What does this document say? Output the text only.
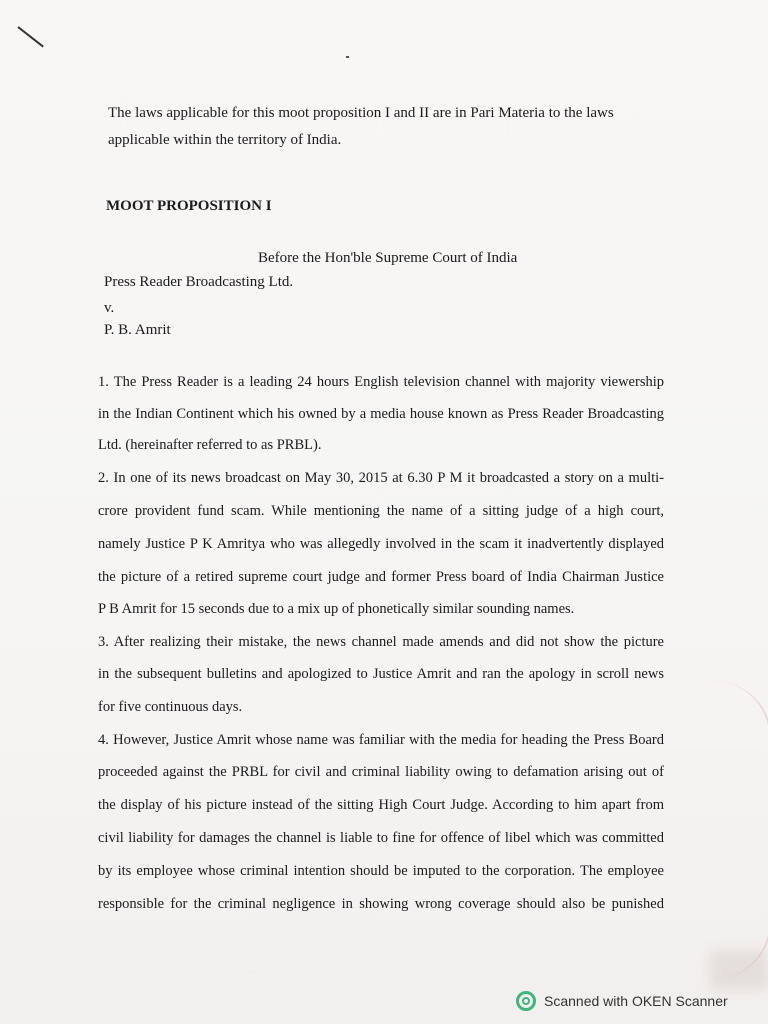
The laws applicable for this moot proposition I and II are in Pari Materia to the laws applicable within the territory of India.
MOOT PROPOSITION I
Before the Hon'ble Supreme Court of India
Press Reader Broadcasting Ltd.
v.
P. B. Amrit
1. The Press Reader is a leading 24 hours English television channel with majority viewership
in the Indian Continent which his owned by a media house known as Press Reader Broadcasting
Ltd. (hereinafter referred to as PRBL).
2. In one of its news broadcast on May 30, 2015 at 6.30 P M it broadcasted a story on a multi-
crore provident fund scam. While mentioning the name of a sitting judge of a high court,
namely Justice P K Amritya who was allegedly involved in the scam it inadvertently displayed
the picture of a retired supreme court judge and former Press board of India Chairman Justice
P B Amrit for 15 seconds due to a mix up of phonetically similar sounding names.
3. After realizing their mistake, the news channel made amends and did not show the picture
in the subsequent bulletins and apologized to Justice Amrit and ran the apology in scroll news
for five continuous days.
4. However, Justice Amrit whose name was familiar with the media for heading the Press Board
proceeded against the PRBL for civil and criminal liability owing to defamation arising out of
the display of his picture instead of the sitting High Court Judge. According to him apart from
civil liability for damages the channel is liable to fine for offence of libel which was committed
by its employee whose criminal intention should be imputed to the corporation. The employee
responsible for the criminal negligence in showing wrong coverage should also be punished
Scanned with OKEN Scanner
